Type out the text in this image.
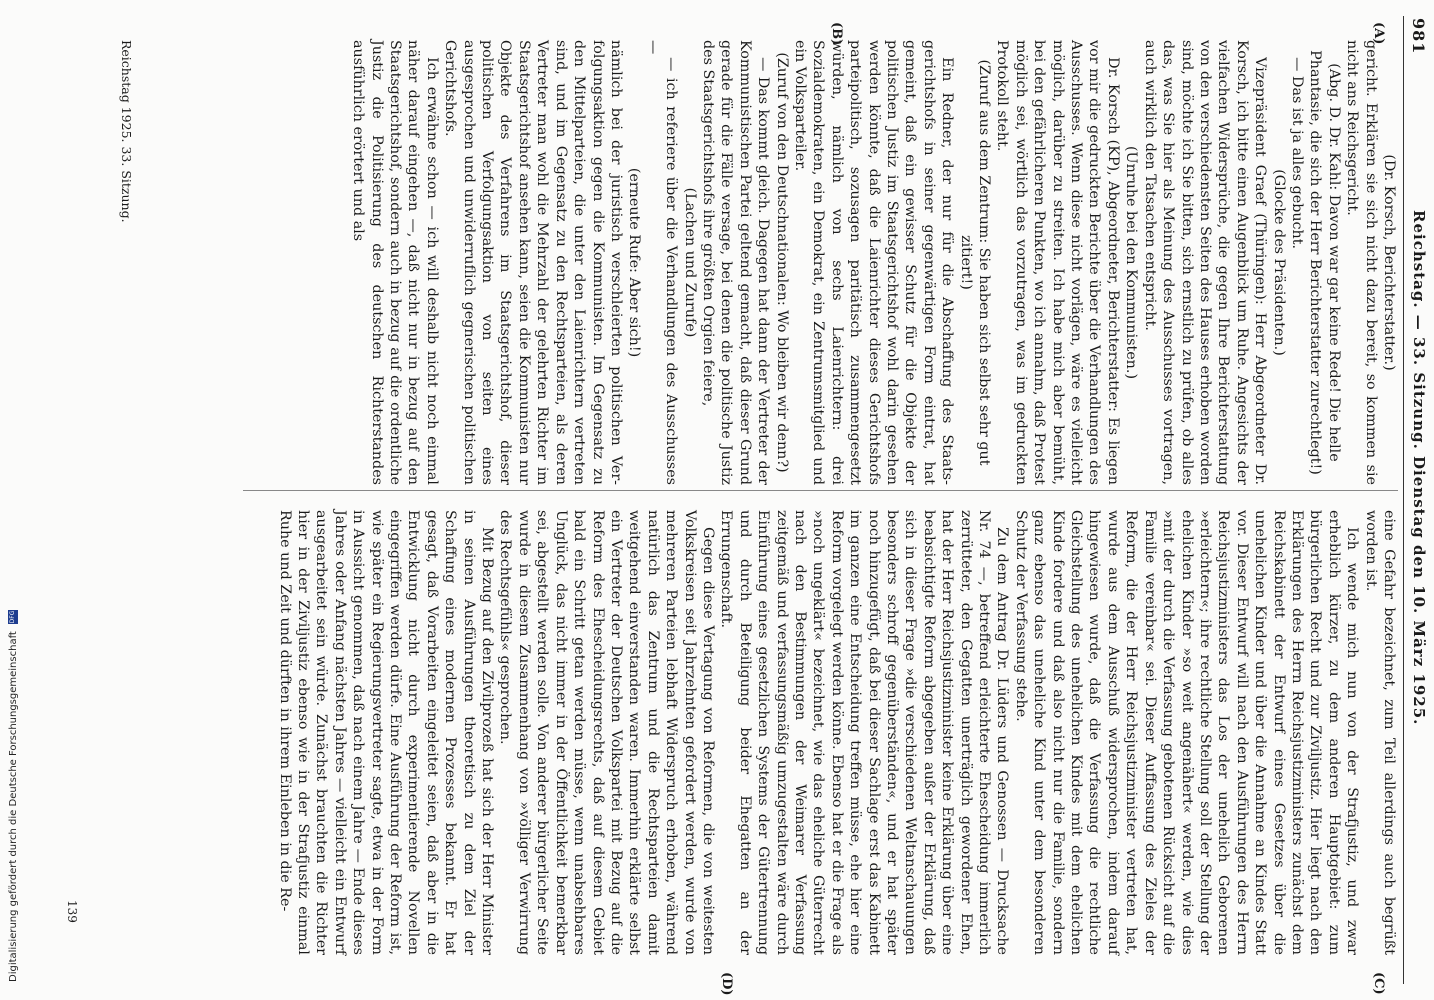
981
Reichstag. — 33. Sitzung. Dienstag den 10. März 1925.
(A)
(B)
(C)
(D)

(Dr. Korsch, Berichterstatter.)

gericht. Erklären sie sich nicht dazu bereit, so kommen sie nicht ans Reichsgericht.

(Abg. D. Dr. Kahl: Davon war gar keine Rede! Die helle Phantasie, die sich der Herr Berichterstatter zurechtlegt!)

— Das ist ja alles gebucht.

(Glocke des Präsidenten.)

Vizepräsident Graef (Thüringen): Herr Abgeordneter Dr. Korsch, ich bitte einen Augenblick um Ruhe. Angesichts der vielfachen Widersprüche, die gegen Ihre Berichterstattung von den verschiedensten Seiten des Hauses erhoben worden sind, möchte ich Sie bitten, sich ernstlich zu prüfen, ob alles das, was Sie hier als Meinung des Ausschusses vortragen, auch wirklich den Tatsachen entspricht.

(Unruhe bei den Kommunisten.)

Dr. Korsch (KP), Abgeordneter, Berichterstatter: Es liegen vor mir die gedruckten Berichte über die Verhandlungen des Ausschusses. Wenn diese nicht vorlägen, wäre es vielleicht möglich, darüber zu streiten. Ich habe mich aber bemüht, bei den gefährlicheren Punkten, wo ich annahm, daß Protest möglich sei, wörtlich das vorzutragen, was im gedruckten Protokoll steht.

(Zuruf aus dem Zentrum: Sie haben sich selbst sehr gut zitiert!)

Ein Redner, der nur für die Abschaffung des Staatsgerichtshofs in seiner gegenwärtigen Form eintrat, hat gemeint, daß ein gewisser Schutz für die Objekte der politischen Justiz im Staatsgerichtshof wohl darin gesehen werden könnte, daß die Laienrichter dieses Gerichtshofs parteipolitisch, sozusagen paritätisch zusammengesetzt würden, nämlich von sechs Laienrichtern: drei Sozialdemokraten, ein Demokrat, ein Zentrumsmitglied und ein Volksparteiler.

(Zuruf von den Deutschnationalen: Wo bleiben wir denn?)

— Das kommt gleich. Dagegen hat dann der Vertreter der Kommunistischen Partei geltend gemacht, daß dieser Grund gerade für die Fälle versage, bei denen die politische Justiz des Staatsgerichtshofs ihre größten Orgien feiere,

(Lachen und Zurufe)

— ich referiere über die Verhandlungen des Ausschusses —

(erneute Rufe: Aber sich!)

nämlich bei der juristisch verschleierten politischen Verfolgungsaktion gegen die Kommunisten. Im Gegensatz zu den Mittelparteien, die unter den Laienrichtern vertreten sind, und im Gegensatz zu den Rechtsparteien, als deren Vertreter man wohl die Mehrzahl der gelehrten Richter im Staatsgerichtshof ansehen kann, seien die Kommunisten nur Objekte des Verfahrens im Staatsgerichtshof, dieser politischen Verfolgungsaktion von seiten eines ausgesprochen und unwiderruflich gegnerischen politischen Gerichtshofs.

Ich erwähne schon — ich will deshalb nicht noch einmal näher darauf eingehen —, daß nicht nur in bezug auf den Staatsgerichtshof, sondern auch in bezug auf die ordentliche Justiz die Politisierung des deutschen Richterstandes ausführlich erörtert und als

eine Gefahr bezeichnet, zum Teil allerdings auch begrüßt worden ist.

Ich wende mich nun von der Strafjustiz, und zwar erheblich kürzer, zu dem anderen Hauptgebiet: zum bürgerlichen Recht und zur Ziviljustiz. Hier liegt nach den Erklärungen des Herrn Reichsjustizministers zunächst dem Reichskabinett der Entwurf eines Gesetzes über die unehelichen Kinder und über die Annahme an Kindes Statt vor. Dieser Entwurf will nach den Ausführungen des Herrn Reichsjustizministers das Los der unehelich Geborenen »erleichtern«; ihre rechtliche Stellung soll der Stellung der ehelichen Kinder »so weit angenähert« werden, wie dies »mit der durch die Verfassung gebotenen Rücksicht auf die Familie vereinbar« sei. Dieser Auffassung des Zieles der Reform, die der Herr Reichsjustizminister vertreten hat, wurde aus dem Ausschuß widersprochen, indem darauf hingewiesen wurde, daß die Verfassung die rechtliche Gleichstellung des unehelichen Kindes mit dem ehelichen Kinde fordere und daß also nicht nur die Familie, sondern ganz ebenso das uneheliche Kind unter dem besonderen Schutz der Verfassung stehe.

Zu dem Antrag Dr. Lüders und Genossen — Drucksache Nr. 74 —, betreffend erleichterte Ehescheidung immerlich zerrütteter, den Gegatten unerträglich gewordener Ehen, hat der Herr Reichsjustizminister keine Erklärung über eine beabsichtigte Reform abgegeben außer der Erklärung, daß sich in dieser Frage »die verschiedenen Weltanschauungen besonders schroff gegenüberständen«, und er hat später noch hinzugefügt, daß bei dieser Sachlage erst das Kabinett im ganzen eine Entscheidung treffen müsse, ehe hier eine Reform vorgelegt werden könne. Ebenso hat er die Frage als »noch ungeklärt« bezeichnet, wie das eheliche Güterrecht nach den Bestimmungen der Weimarer Verfassung zeitgemäß und verfassungsmäßig umzugestalten wäre durch Einführung eines gesetzlichen Systems der Gütertrennung und durch Beteiligung beider Ehegatten an der Errungenschaft.

Gegen diese Vertagung von Reformen, die von weitesten Volkskreisen seit Jahrzehnten gefordert werden, wurde von mehreren Parteien lebhaft Widerspruch erhoben, während natürlich das Zentrum und die Rechtsparteien damit weitgehend einverstanden waren. Immerhin erklärte selbst ein Vertreter der Deutschen Volkspartei mit Bezug auf die Reform des Ehescheidungsrechts, daß auf diesem Gebiet bald ein Schritt getan werden müsse, wenn unabsehbares Unglück, das nicht immer in der Öffentlichkeit bemerkbar sei, abgestellt werden solle. Von anderer bürgerlicher Seite wurde in diesem Zusammenhang von »völliger Verwirrung des Rechtsgefühls« gesprochen.

Mit Bezug auf den Zivilprozeß hat sich der Herr Minister in seinen Ausführungen theoretisch zu dem Ziel der Schaffung eines modernen Prozesses bekannt. Er hat gesagt, daß Vorarbeiten eingeleitet seien, daß aber in die Entwicklung nicht durch experimentierende Novellen eingegriffen werden dürfe. Eine Ausführung der Reform ist, wie später ein Regierungsvertreter sagte, etwa in der Form in Aussicht genommen, daß nach einem Jahre — Ende dieses Jahres oder Anfang nächsten Jahres — vielleicht ein Entwurf ausgearbeitet sein würde. Zunächst brauchten die Richter hier in der Ziviljustiz ebenso wie in der Strafjustiz einmal Ruhe und Zeit und dürften in ihrem Einleben in die Re-

Reichstag 1925. 33. Sitzung.
139
Digitalisierung gefördert durch die Deutsche Forschungsgemeinschaft DFG
